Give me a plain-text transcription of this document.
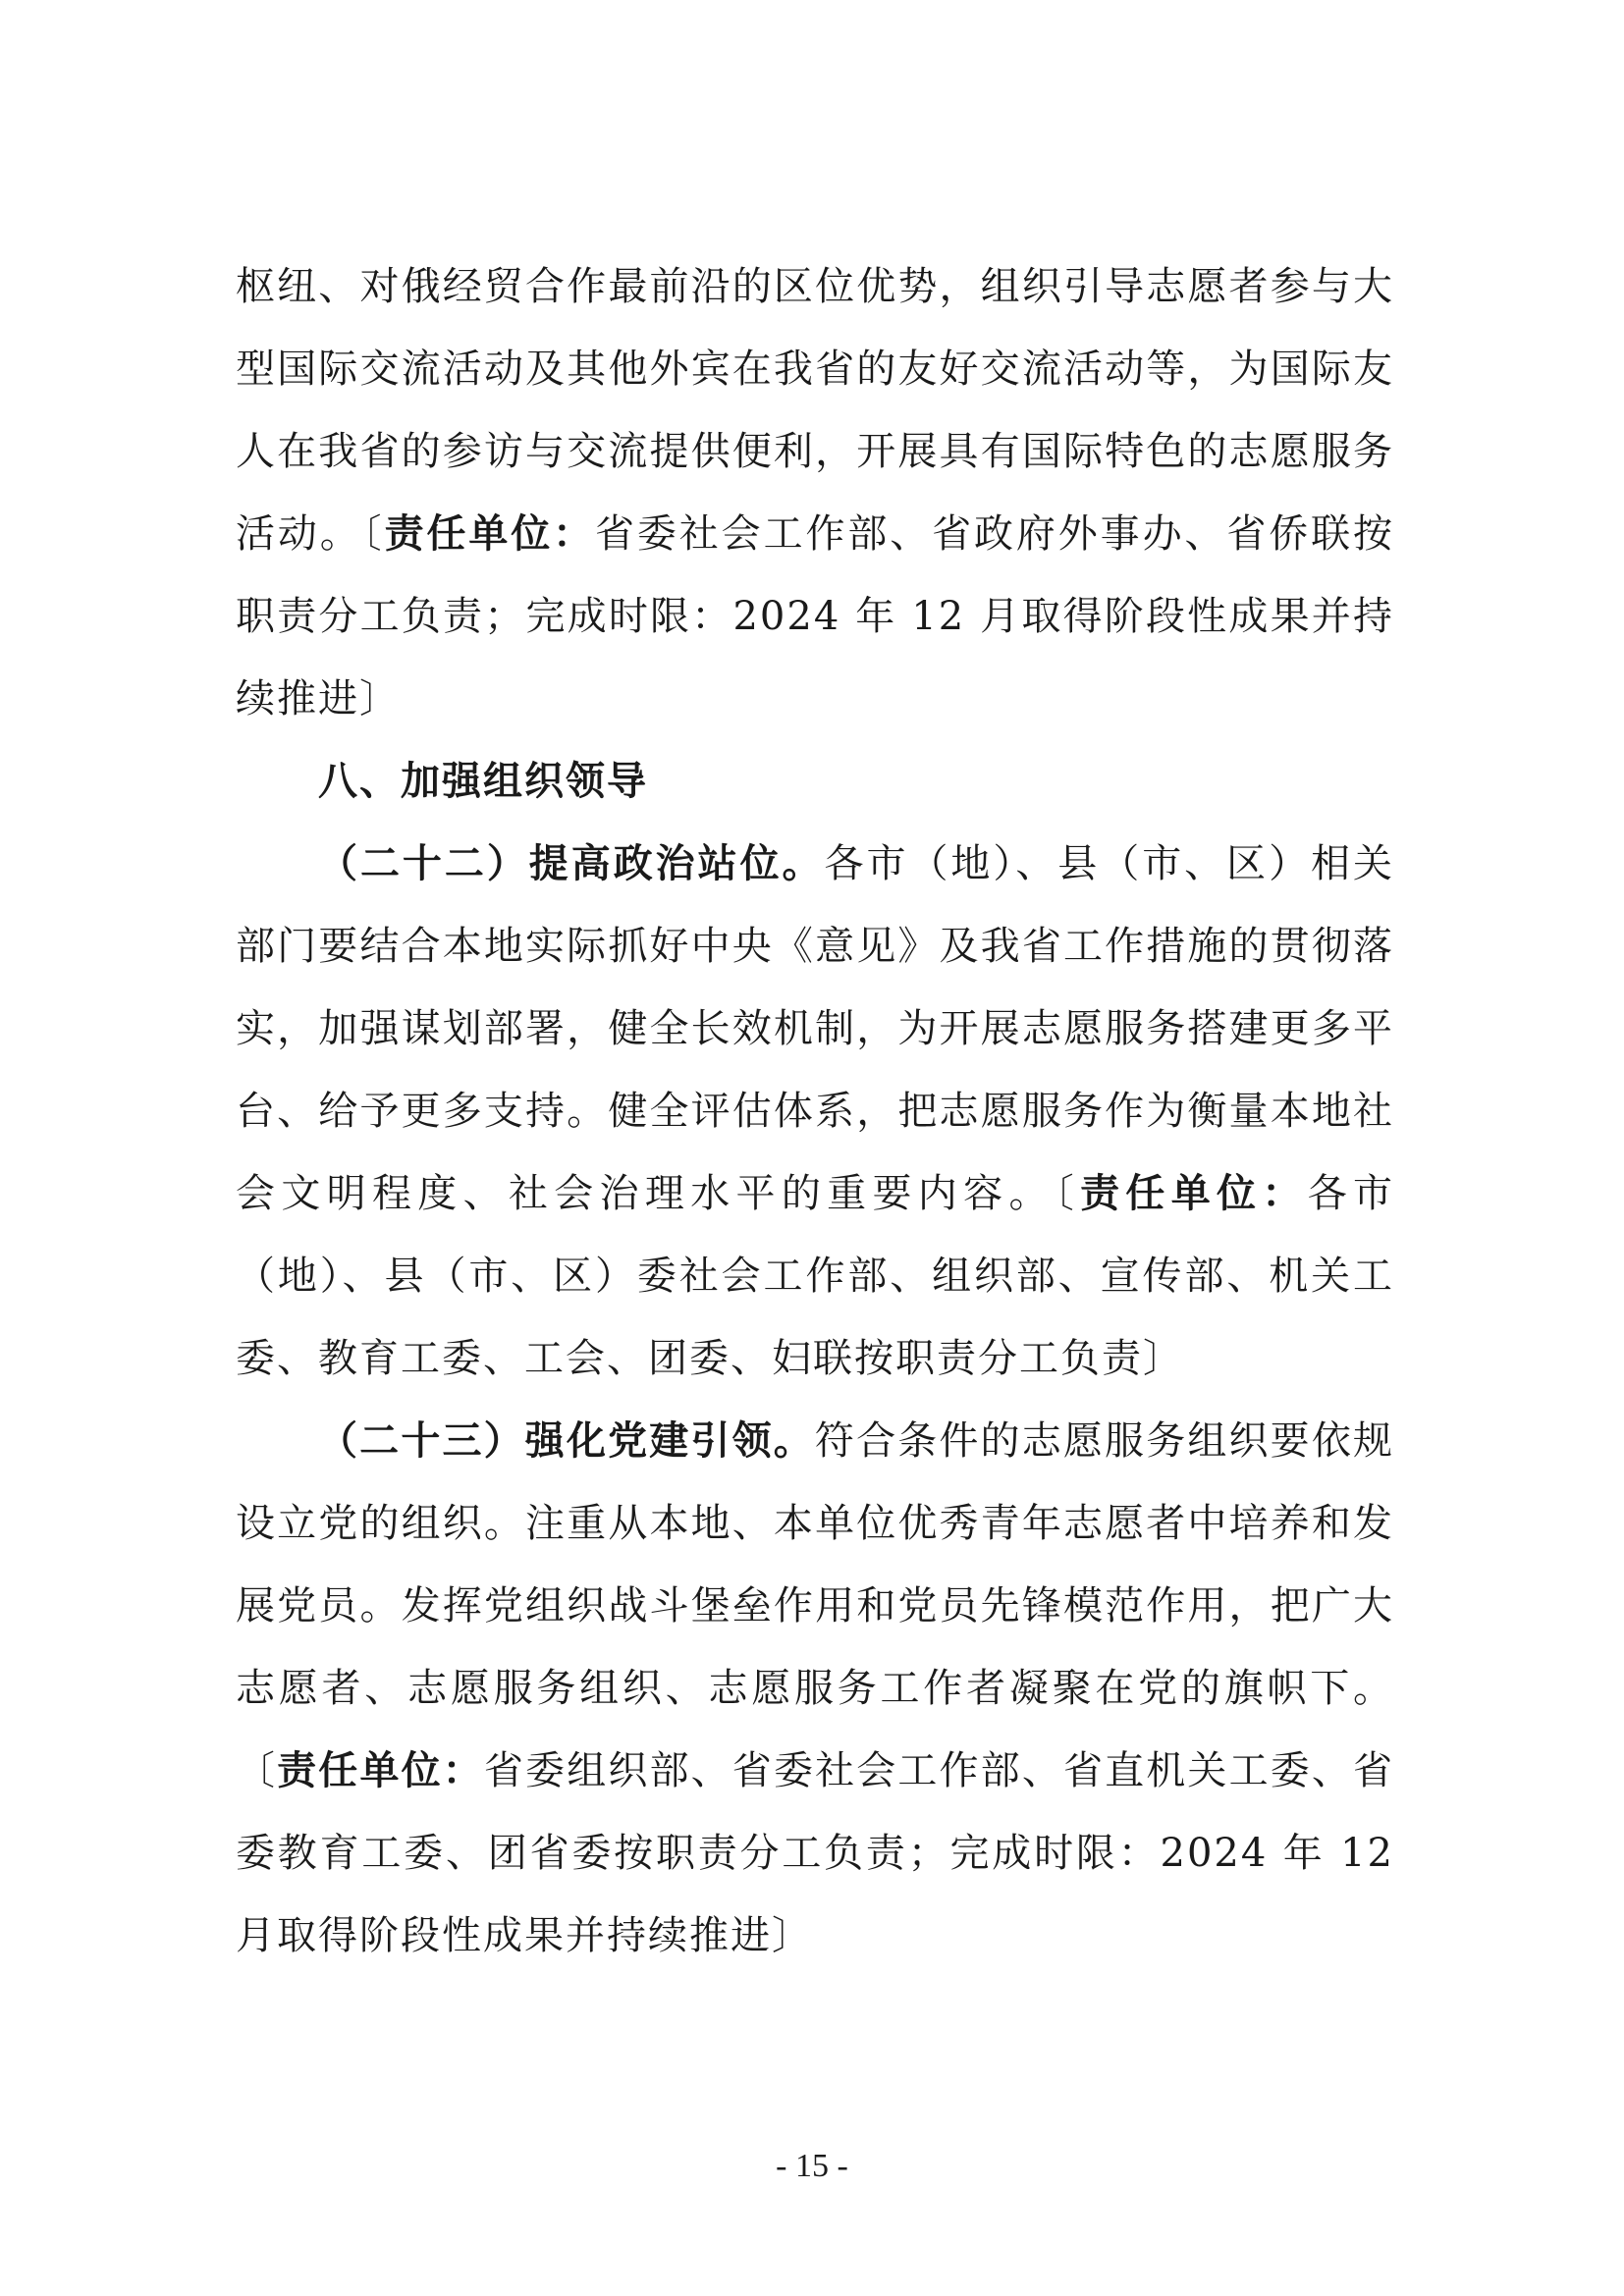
枢纽、对俄经贸合作最前沿的区位优势，组织引导志愿者参与大型国际交流活动及其他外宾在我省的友好交流活动等，为国际友人在我省的参访与交流提供便利，开展具有国际特色的志愿服务活动。〔责任单位：省委社会工作部、省政府外事办、省侨联按职责分工负责；完成时限：2024 年 12 月取得阶段性成果并持续推进〕

八、加强组织领导

（二十二）提高政治站位。各市（地）、县（市、区）相关部门要结合本地实际抓好中央《意见》及我省工作措施的贯彻落实，加强谋划部署，健全长效机制，为开展志愿服务搭建更多平台、给予更多支持。健全评估体系，把志愿服务作为衡量本地社会文明程度、社会治理水平的重要内容。〔责任单位：各市（地）、县（市、区）委社会工作部、组织部、宣传部、机关工委、教育工委、工会、团委、妇联按职责分工负责〕

（二十三）强化党建引领。符合条件的志愿服务组织要依规设立党的组织。注重从本地、本单位优秀青年志愿者中培养和发展党员。发挥党组织战斗堡垒作用和党员先锋模范作用，把广大志愿者、志愿服务组织、志愿服务工作者凝聚在党的旗帜下。〔责任单位：省委组织部、省委社会工作部、省直机关工委、省委教育工委、团省委按职责分工负责；完成时限：2024 年 12 月取得阶段性成果并持续推进〕

- 15 -
